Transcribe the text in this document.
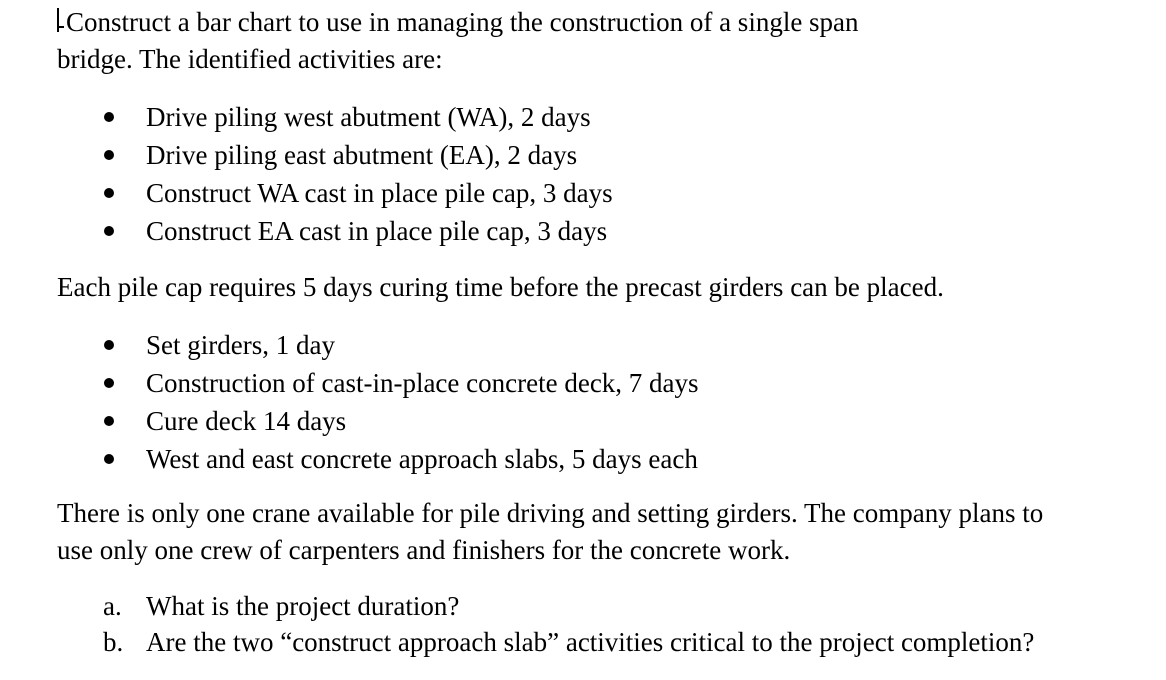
Construct a bar chart to use in managing the construction of a single span

bridge. The identified activities are:

Drive piling west abutment (WA), 2 days
Drive piling east abutment (EA), 2 days
Construct WA cast in place pile cap, 3 days
Construct EA cast in place pile cap, 3 days

Each pile cap requires 5 days curing time before the precast girders can be placed.

Set girders, 1 day
Construction of cast-in-place concrete deck, 7 days
Cure deck 14 days
West and east concrete approach slabs, 5 days each

There is only one crane available for pile driving and setting girders. The company plans to

use only one crew of carpenters and finishers for the concrete work.

a. What is the project duration?
b. Are the two “construct approach slab” activities critical to the project completion?
